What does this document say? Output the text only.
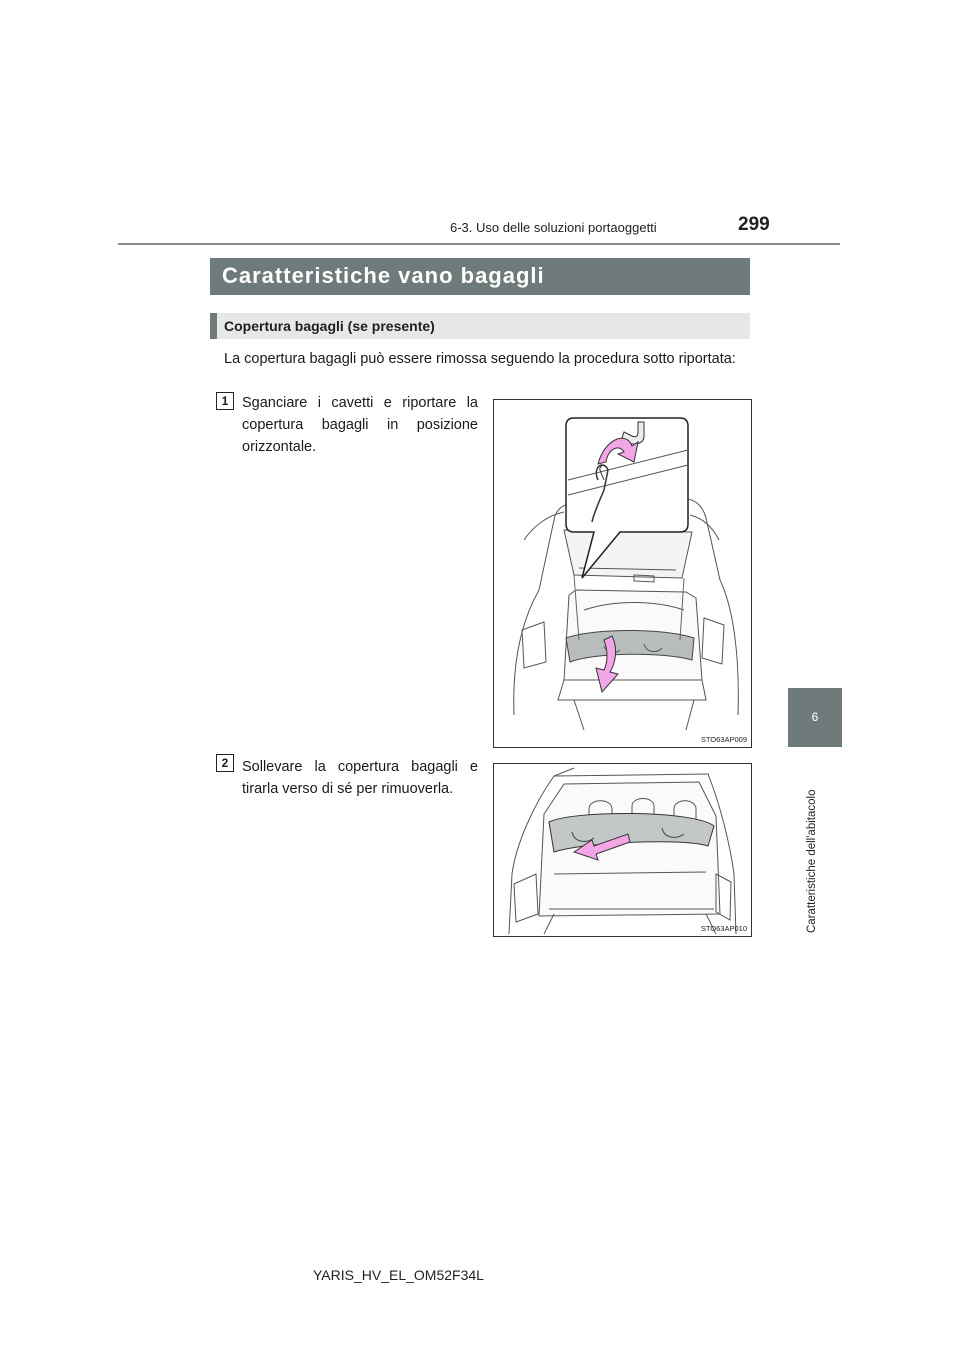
6-3. Uso delle soluzioni portaoggetti	299
Caratteristiche vano bagagli
Copertura bagagli (se presente)
La copertura bagagli può essere rimossa seguendo la procedura sotto riportata:
1 Sganciare i cavetti e riportare la copertura bagagli in posizione orizzontale.
STO63AP009
2 Sollevare la copertura bagagli e tirarla verso di sé per rimuoverla.
STO63AP010
6
Caratteristiche dell'abitacolo
YARIS_HV_EL_OM52F34L
